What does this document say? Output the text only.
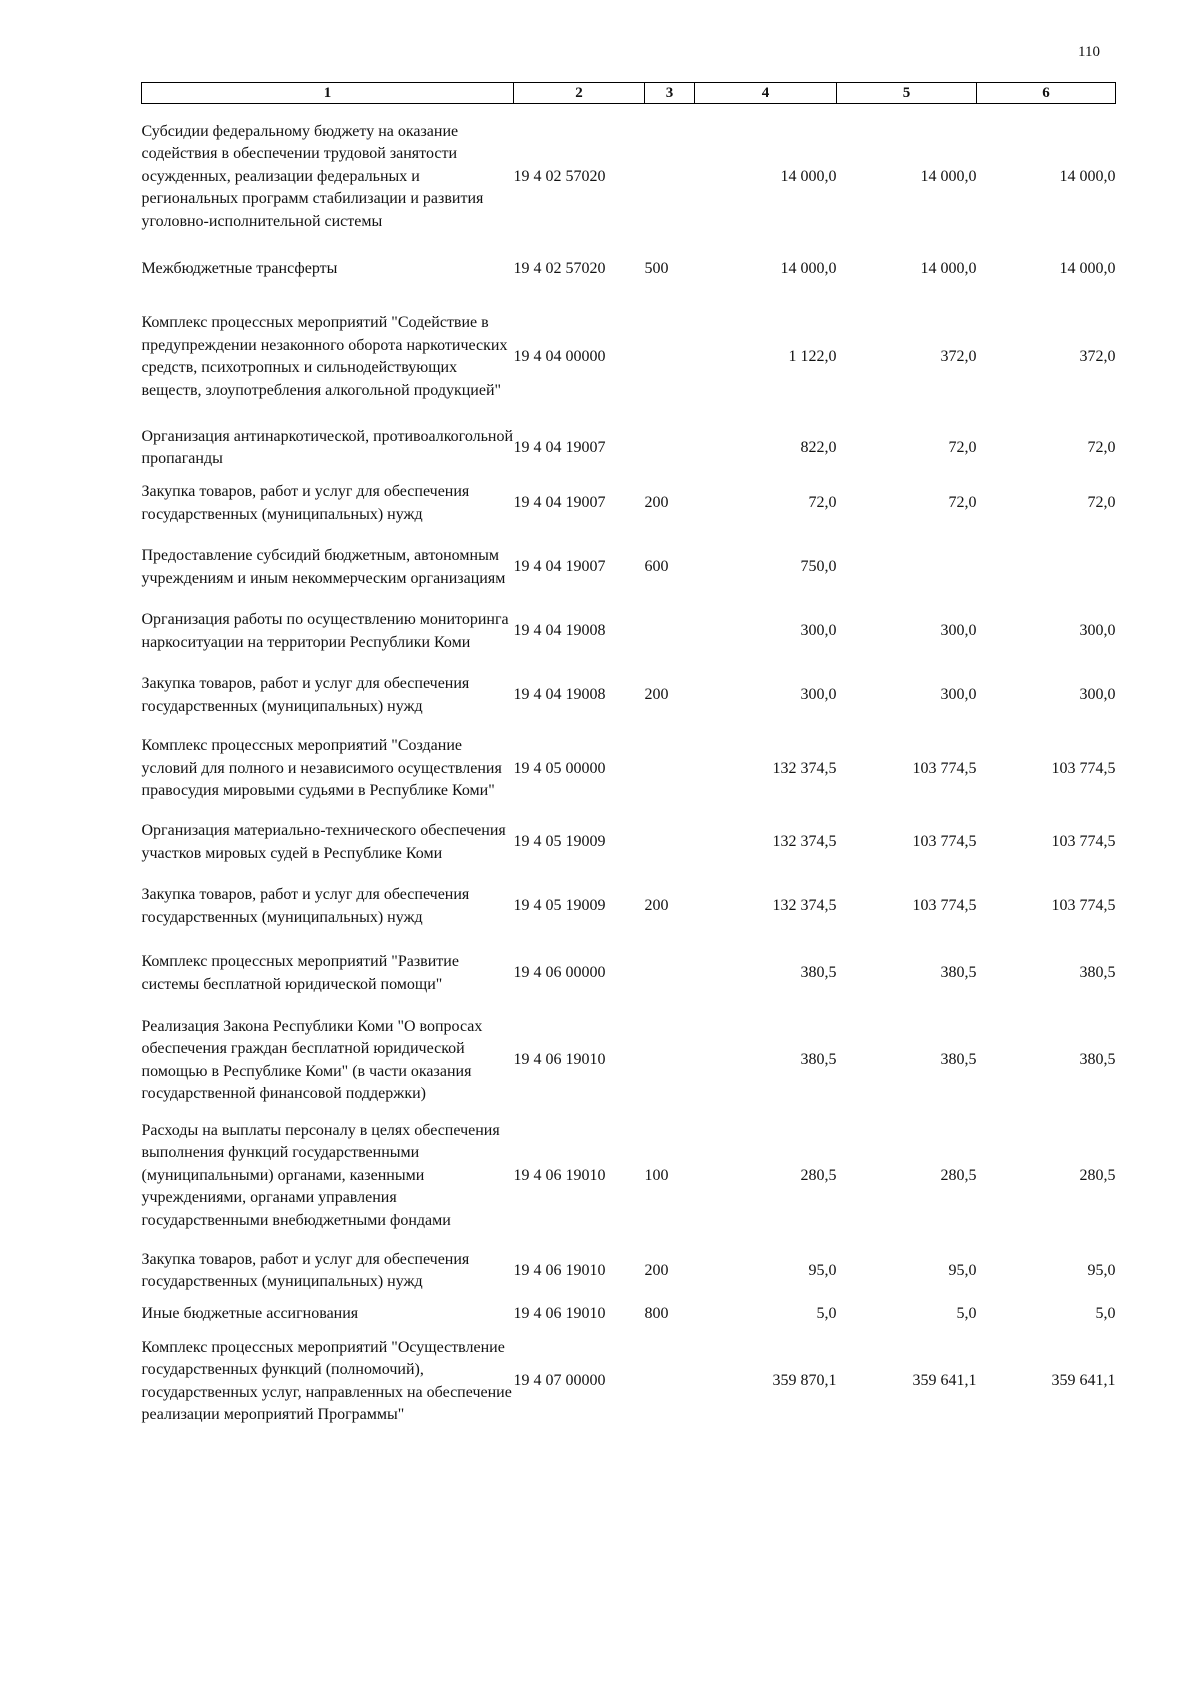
110
1	2	3	4	5	6
Субсидии федеральному бюджету на оказание содействия в обеспечении трудовой занятости осужденных, реализации федеральных и региональных программ стабилизации и развития уголовно-исполнительной системы	19 4 02 57020		14 000,0	14 000,0	14 000,0
Межбюджетные трансферты	19 4 02 57020	500	14 000,0	14 000,0	14 000,0
Комплекс процессных мероприятий "Содействие в предупреждении незаконного оборота наркотических средств, психотропных и сильнодействующих веществ, злоупотребления алкогольной продукцией"	19 4 04 00000		1 122,0	372,0	372,0
Организация антинаркотической, противоалкогольной пропаганды	19 4 04 19007		822,0	72,0	72,0
Закупка товаров, работ и услуг для обеспечения государственных (муниципальных) нужд	19 4 04 19007	200	72,0	72,0	72,0
Предоставление субсидий бюджетным, автономным учреждениям и иным некоммерческим организациям	19 4 04 19007	600	750,0		
Организация работы по осуществлению мониторинга наркоситуации на территории Республики Коми	19 4 04 19008		300,0	300,0	300,0
Закупка товаров, работ и услуг для обеспечения государственных (муниципальных) нужд	19 4 04 19008	200	300,0	300,0	300,0
Комплекс процессных мероприятий "Создание условий для полного и независимого осуществления правосудия мировыми судьями в Республике Коми"	19 4 05 00000		132 374,5	103 774,5	103 774,5
Организация материально-технического обеспечения участков мировых судей в Республике Коми	19 4 05 19009		132 374,5	103 774,5	103 774,5
Закупка товаров, работ и услуг для обеспечения государственных (муниципальных) нужд	19 4 05 19009	200	132 374,5	103 774,5	103 774,5
Комплекс процессных мероприятий "Развитие системы бесплатной юридической помощи"	19 4 06 00000		380,5	380,5	380,5
Реализация Закона Республики Коми "О вопросах обеспечения граждан бесплатной юридической помощью в Республике Коми" (в части оказания государственной финансовой поддержки)	19 4 06 19010		380,5	380,5	380,5
Расходы на выплаты персоналу в целях обеспечения выполнения функций государственными (муниципальными) органами, казенными учреждениями, органами управления государственными внебюджетными фондами	19 4 06 19010	100	280,5	280,5	280,5
Закупка товаров, работ и услуг для обеспечения государственных (муниципальных) нужд	19 4 06 19010	200	95,0	95,0	95,0
Иные бюджетные ассигнования	19 4 06 19010	800	5,0	5,0	5,0
Комплекс процессных мероприятий "Осуществление государственных функций (полномочий), государственных услуг, направленных на обеспечение реализации мероприятий Программы"	19 4 07 00000		359 870,1	359 641,1	359 641,1
